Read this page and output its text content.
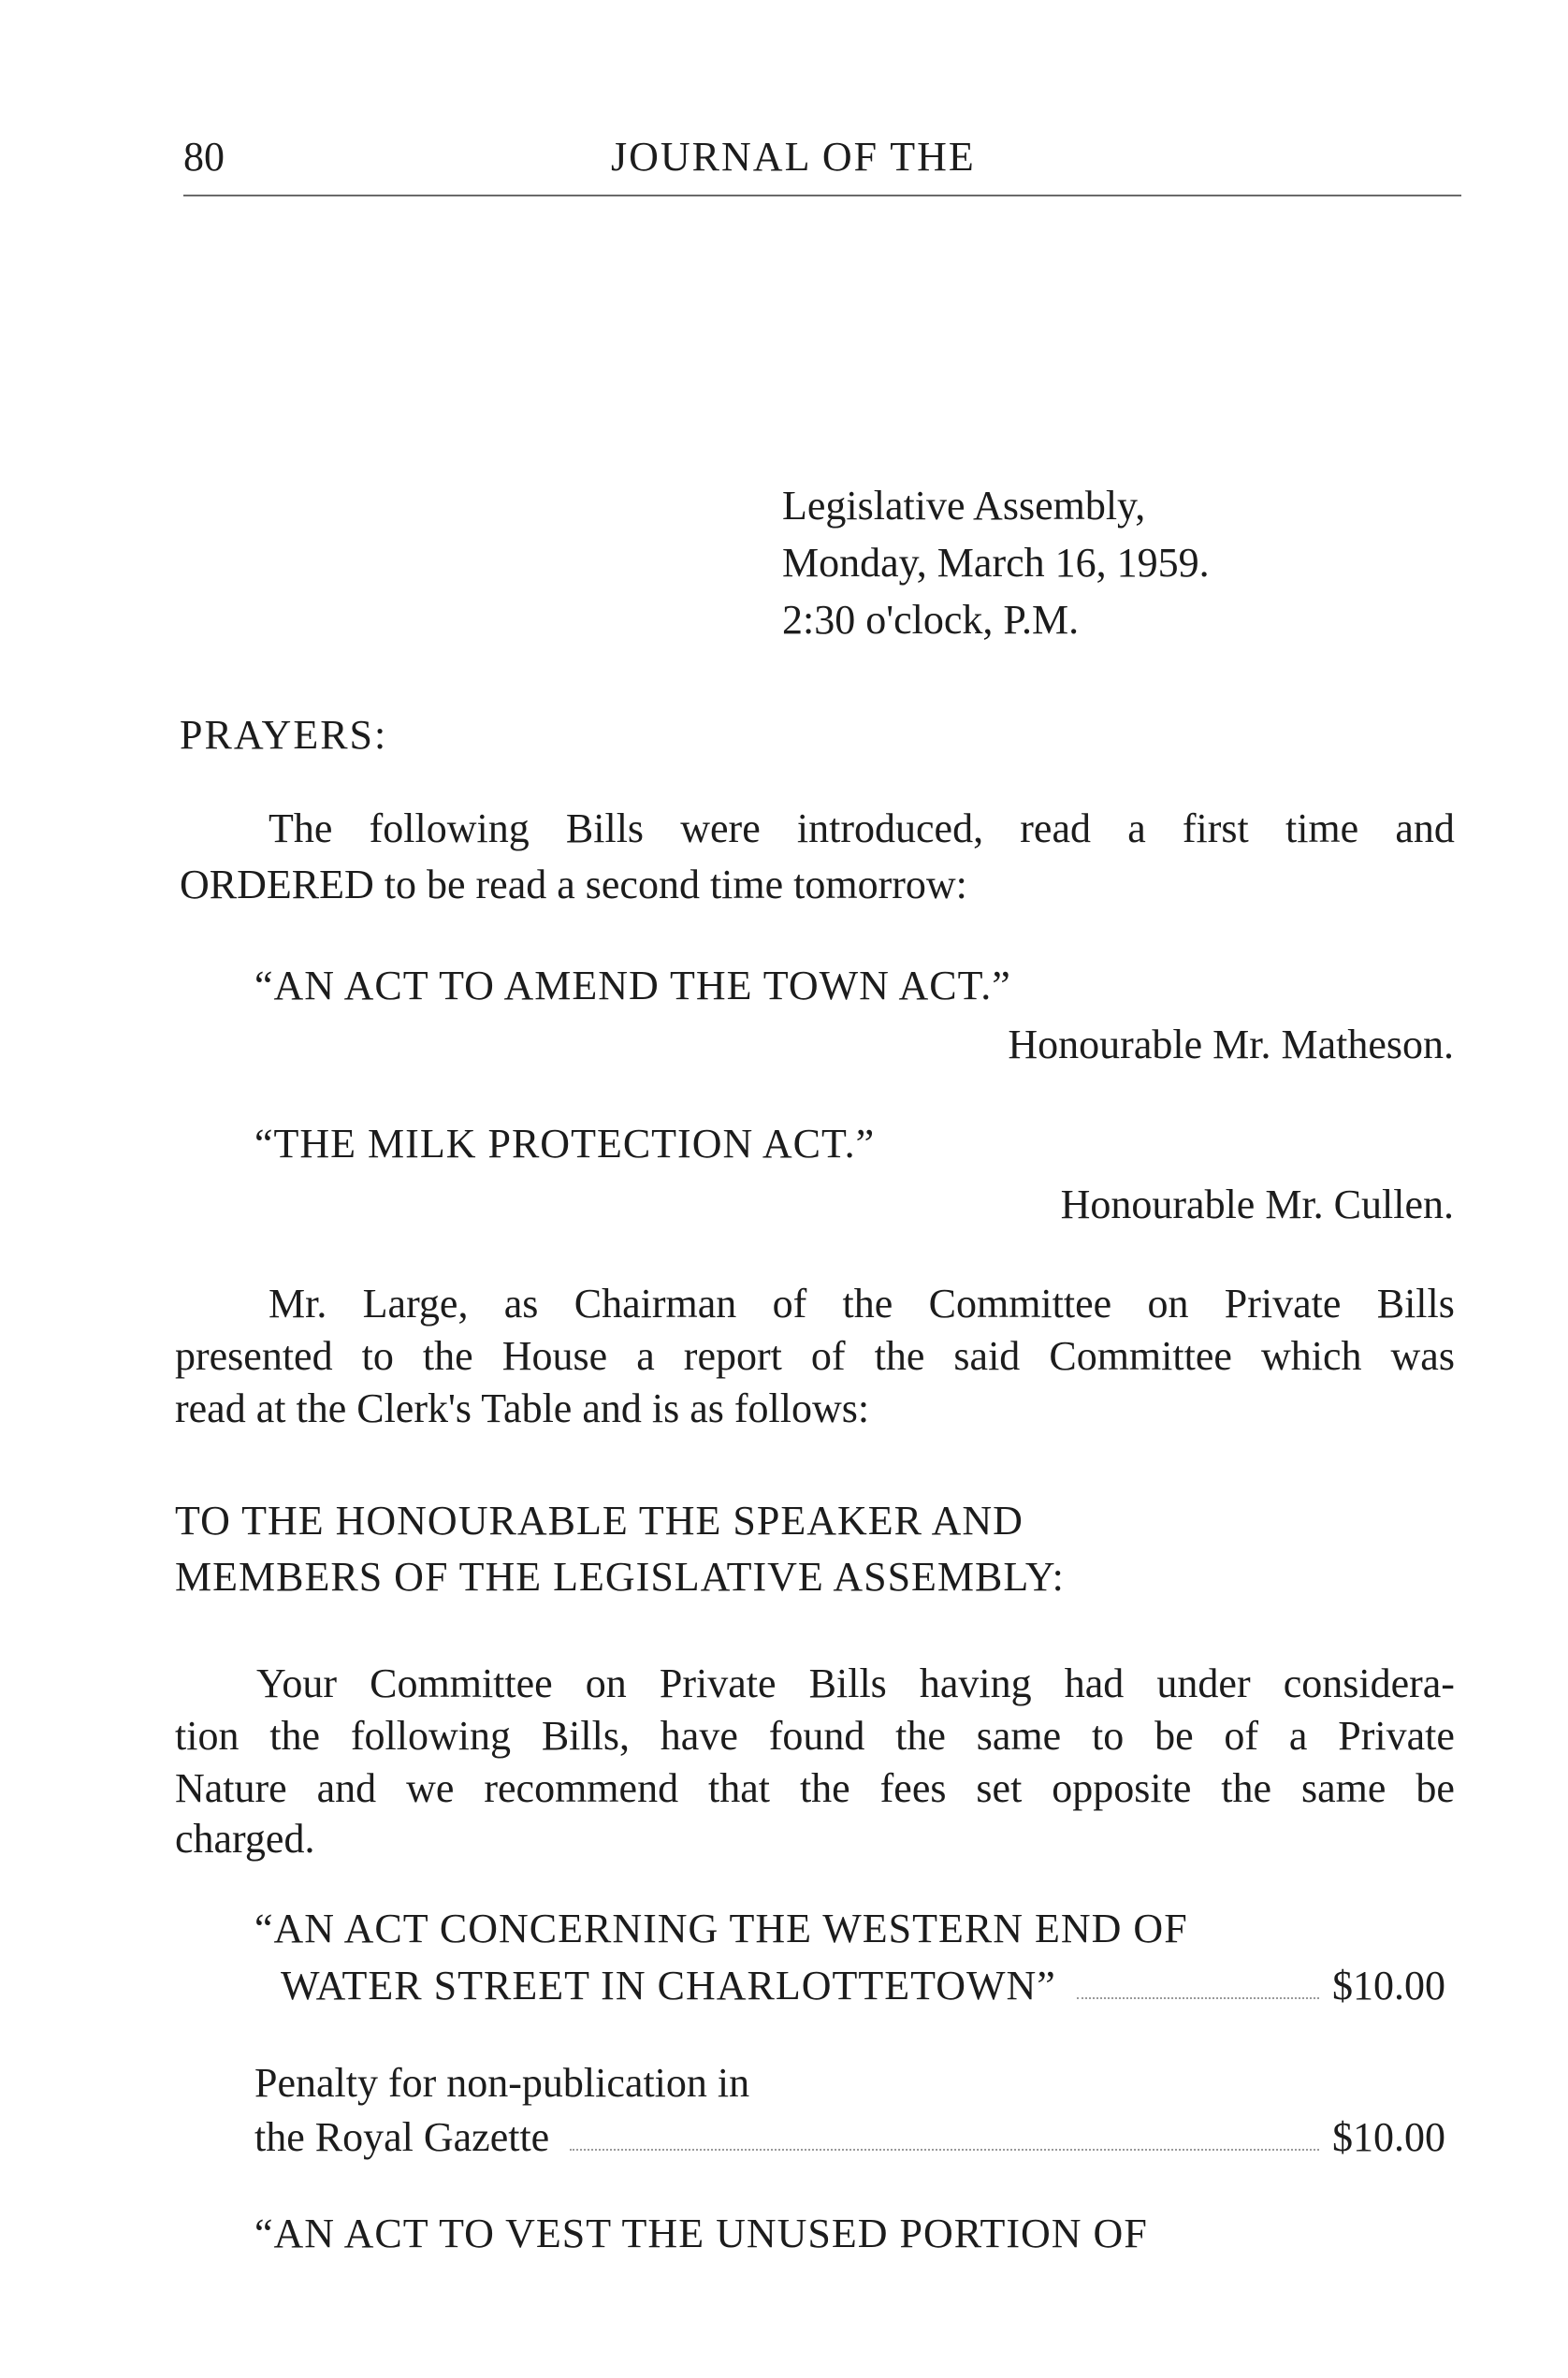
80	JOURNAL OF THE
Legislative Assembly,
Monday, March 16, 1959.
2:30 o'clock, P.M.
PRAYERS:
The following Bills were introduced, read a first time and
ORDERED to be read a second time tomorrow:
“AN ACT TO AMEND THE TOWN ACT.”
Honourable Mr. Matheson.
“THE MILK PROTECTION ACT.”
Honourable Mr. Cullen.
Mr. Large, as Chairman of the Committee on Private Bills
presented to the House a report of the said Committee which was
read at the Clerk's Table and is as follows:
TO THE HONOURABLE THE SPEAKER AND
MEMBERS OF THE LEGISLATIVE ASSEMBLY:
Your Committee on Private Bills having had under considera-
tion the following Bills, have found the same to be of a Private
Nature and we recommend that the fees set opposite the same be
charged.
“AN ACT CONCERNING THE WESTERN END OF
WATER STREET IN CHARLOTTETOWN”	$10.00
Penalty for non-publication in
the Royal Gazette	$10.00
“AN ACT TO VEST THE UNUSED PORTION OF
